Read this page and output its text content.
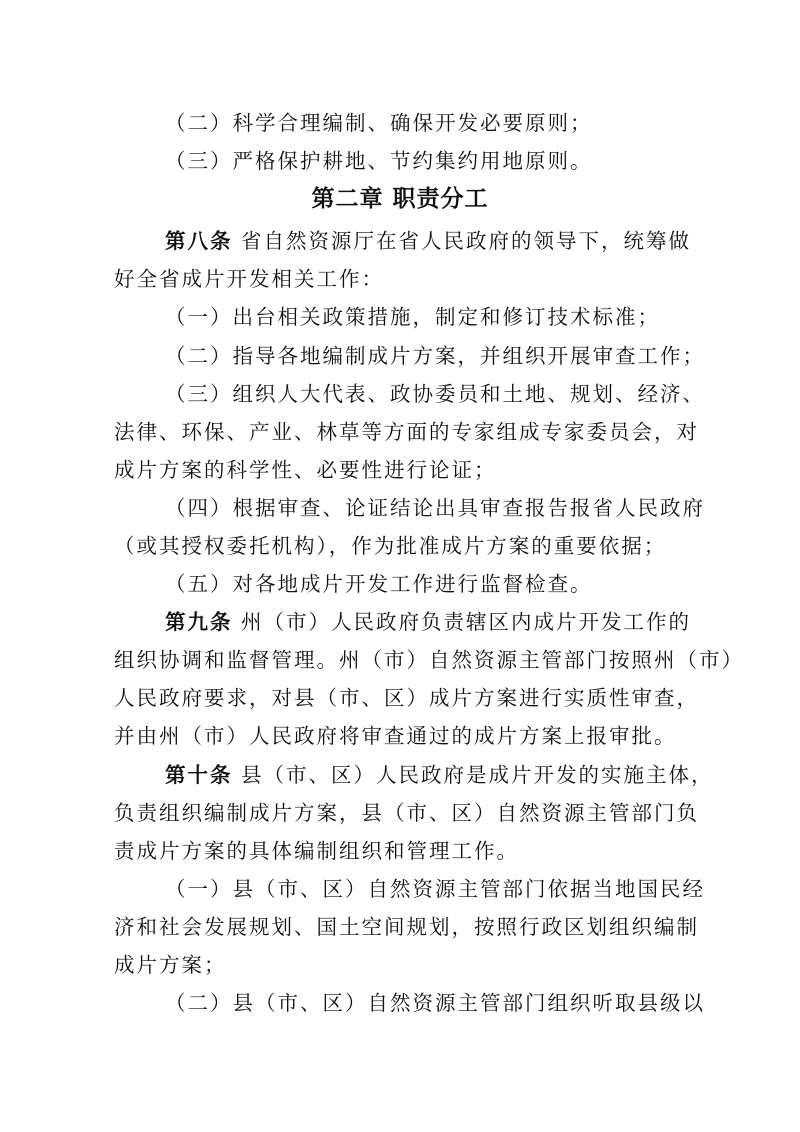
（二）科学合理编制、确保开发必要原则；
（三）严格保护耕地、节约集约用地原则。
第二章 职责分工
第八条 省自然资源厅在省人民政府的领导下，统筹做
好全省成片开发相关工作：
（一）出台相关政策措施，制定和修订技术标准；
（二）指导各地编制成片方案，并组织开展审查工作；
（三）组织人大代表、政协委员和土地、规划、经济、
法律、环保、产业、林草等方面的专家组成专家委员会，对
成片方案的科学性、必要性进行论证；
（四）根据审查、论证结论出具审查报告报省人民政府
（或其授权委托机构），作为批准成片方案的重要依据；
（五）对各地成片开发工作进行监督检查。
第九条 州（市）人民政府负责辖区内成片开发工作的
组织协调和监督管理。州（市）自然资源主管部门按照州（市）
人民政府要求，对县（市、区）成片方案进行实质性审查，
并由州（市）人民政府将审查通过的成片方案上报审批。
第十条 县（市、区）人民政府是成片开发的实施主体，
负责组织编制成片方案，县（市、区）自然资源主管部门负
责成片方案的具体编制组织和管理工作。
（一）县（市、区）自然资源主管部门依据当地国民经
济和社会发展规划、国土空间规划，按照行政区划组织编制
成片方案；
（二）县（市、区）自然资源主管部门组织听取县级以
